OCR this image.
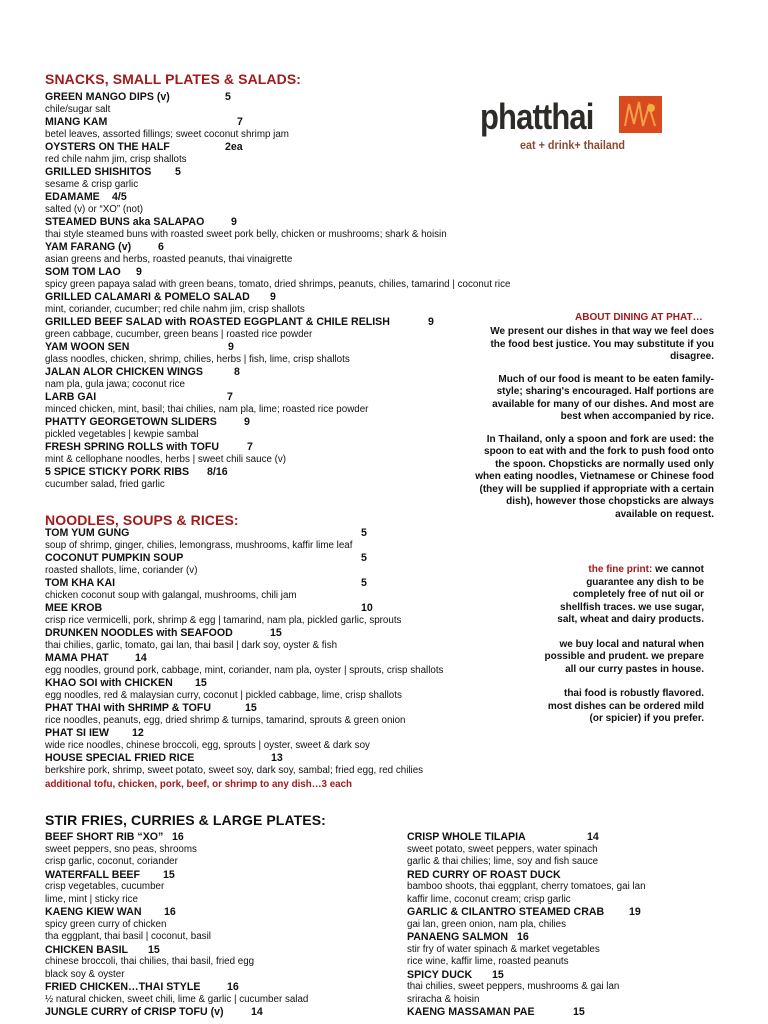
SNACKS, SMALL PLATES & SALADS:
NOODLES, SOUPS & RICES:
STIR FRIES, CURRIES & LARGE PLATES:
GREEN MANGO DIPS (v)	5
chile/sugar salt
MIANG KAM	7
betel leaves, assorted fillings; sweet coconut shrimp jam
OYSTERS ON THE HALF	2ea
red chile nahm jim, crisp shallots
GRILLED SHISHITOS	5
sesame & crisp garlic
EDAMAME	4/5
salted (v) or “XO” (not)
STEAMED BUNS aka SALAPAO	9
thai style steamed buns with roasted sweet pork belly, chicken or mushrooms; shark & hoisin
YAM FARANG (v)	6
asian greens and herbs, roasted peanuts, thai vinaigrette
SOM TOM LAO	9
spicy green papaya salad with green beans, tomato, dried shrimps, peanuts, chilies, tamarind | coconut rice
GRILLED CALAMARI & POMELO SALAD	9
mint, coriander, cucumber; red chile nahm jim, crisp shallots
GRILLED BEEF SALAD with ROASTED EGGPLANT & CHILE RELISH	9
green cabbage, cucumber, green beans | roasted rice powder
YAM WOON SEN	9
glass noodles, chicken, shrimp, chilies, herbs | fish, lime, crisp shallots
JALAN ALOR CHICKEN WINGS	8
nam pla, gula jawa; coconut rice
LARB GAI	7
minced chicken, mint, basil; thai chilies, nam pla, lime; roasted rice powder
PHATTY GEORGETOWN SLIDERS	9
pickled vegetables | kewpie sambal
FRESH SPRING ROLLS with TOFU	7
mint & cellophane noodles, herbs | sweet chili sauce (v)
5 SPICE STICKY PORK RIBS	8/16
cucumber salad, fried garlic
TOM YUM GUNG	5
soup of shrimp, ginger, chilies, lemongrass, mushrooms, kaffir lime leaf
COCONUT PUMPKIN SOUP	5
roasted shallots, lime, coriander (v)
TOM KHA KAI	5
chicken coconut soup with galangal, mushrooms, chili jam
MEE KROB	10
crisp rice vermicelli, pork, shrimp & egg | tamarind, nam pla, pickled garlic, sprouts
DRUNKEN NOODLES with SEAFOOD	15
thai chilies, garlic, tomato, gai lan, thai basil | dark soy, oyster & fish
MAMA PHAT	14
egg noodles, ground pork, cabbage, mint, coriander, nam pla, oyster | sprouts, crisp shallots
KHAO SOI with CHICKEN	15
egg noodles, red & malaysian curry, coconut | pickled cabbage, lime, crisp shallots
PHAT THAI with SHRIMP & TOFU	15
rice noodles, peanuts, egg, dried shrimp & turnips, tamarind, sprouts & green onion
PHAT SI IEW	12
wide rice noodles, chinese broccoli, egg, sprouts | oyster, sweet & dark soy
HOUSE SPECIAL FRIED RICE	13
berkshire pork, shrimp, sweet potato, sweet soy, dark soy, sambal; fried egg, red chilies
additional tofu, chicken, pork, beef, or shrimp to any dish…3 each
BEEF SHORT RIB “XO” 16
sweet peppers, sno peas, shrooms
crisp garlic, coconut, coriander
WATERFALL BEEF	15
crisp vegetables, cucumber
lime, mint | sticky rice
KAENG KIEW WAN	16
spicy green curry of chicken
tha eggplant, thai basil | coconut, basil
CHICKEN BASIL	15
chinese broccoli, thai chilies, thai basil, fried egg
black soy & oyster
FRIED CHICKEN…THAI STYLE	16
½ natural chicken, sweet chili, lime & garlic | cucumber salad
JUNGLE CURRY of CRISP TOFU (v)	14
CRISP WHOLE TILAPIA	14
sweet potato, sweet peppers, water spinach
garlic & thai chilies; lime, soy and fish sauce
RED CURRY OF ROAST DUCK
bamboo shoots, thai eggplant, cherry tomatoes, gai lan
kaffir lime, coconut cream; crisp garlic
GARLIC & CILANTRO STEAMED CRAB	19
gai lan, green onion, nam pla, chilies
PANAENG SALMON 16
stir fry of water spinach & market vegetables
rice wine, kaffir lime, roasted peanuts
SPICY DUCK	15
thai chilies, sweet peppers, mushrooms & gai lan
sriracha & hoisin
KAENG MASSAMAN PAE	15
phatthai
eat + drink+ thailand
ABOUT DINING AT PHAT…

We present our dishes in that way we feel does the food best justice. You may substitute if you disagree.

Much of our food is meant to be eaten family-style; sharing's encouraged. Half portions are available for many of our dishes. And most are best when accompanied by rice.

In Thailand, only a spoon and fork are used: the spoon to eat with and the fork to push food onto the spoon. Chopsticks are normally used only when eating noodles, Vietnamese or Chinese food (they will be supplied if appropriate with a certain dish), however those chopsticks are always available on request.

the fine print: we cannot guarantee any dish to be completely free of nut oil or shellfish traces. we use sugar, salt, wheat and dairy products.

we buy local and natural when possible and prudent. we prepare all our curry pastes in house.

thai food is robustly flavored. most dishes can be ordered mild (or spicier) if you prefer.
